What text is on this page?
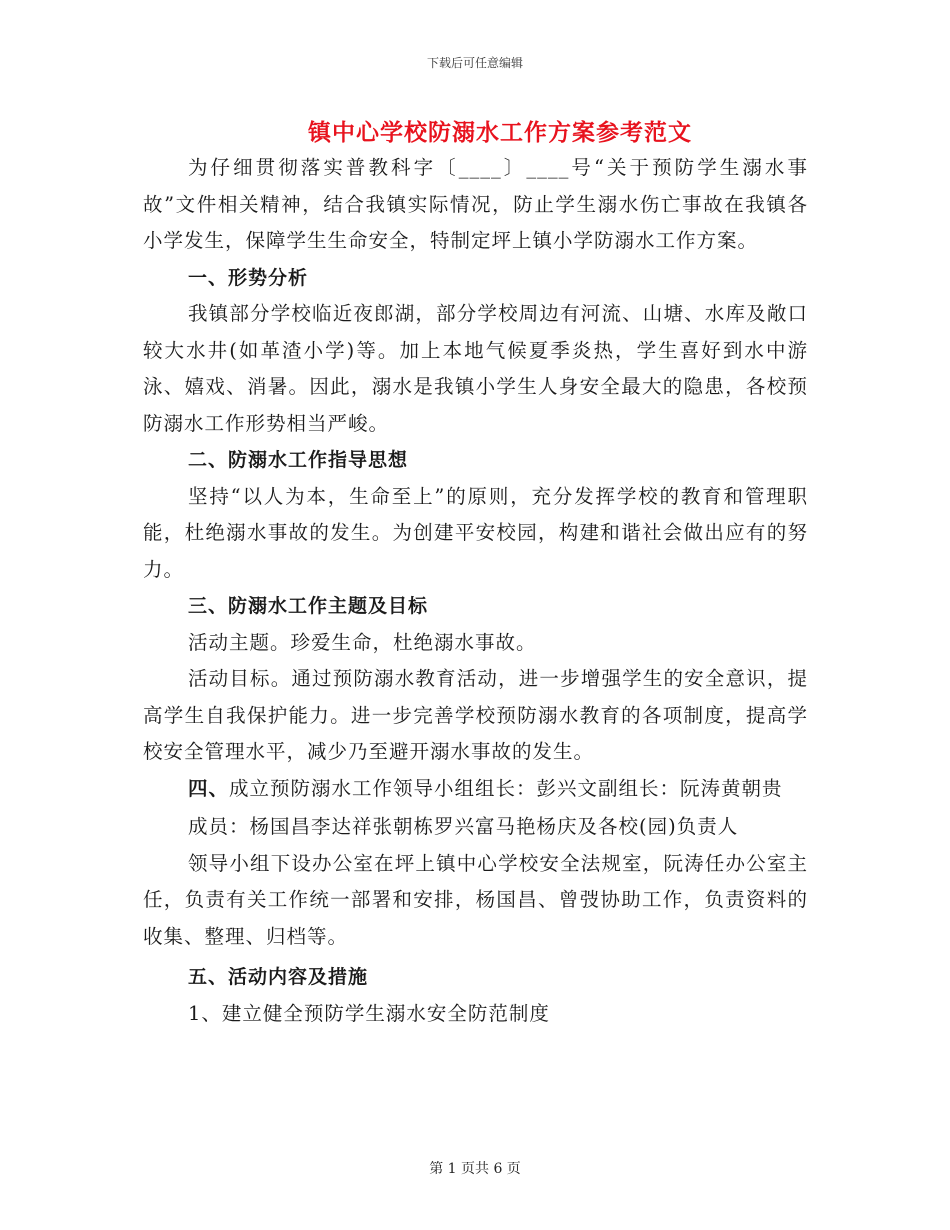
下载后可任意编辑
镇中心学校防溺水工作方案参考范文

为仔细贯彻落实普教科字〔____〕____号“关于预防学生溺水事故”文件相关精神，结合我镇实际情况，防止学生溺水伤亡事故在我镇各小学发生，保障学生生命安全，特制定坪上镇小学防溺水工作方案。

一、形势分析

我镇部分学校临近夜郎湖，部分学校周边有河流、山塘、水库及敞口较大水井(如革渣小学)等。加上本地气候夏季炎热，学生喜好到水中游泳、嬉戏、消暑。因此，溺水是我镇小学生人身安全最大的隐患，各校预防溺水工作形势相当严峻。

二、防溺水工作指导思想

坚持“以人为本，生命至上”的原则，充分发挥学校的教育和管理职能，杜绝溺水事故的发生。为创建平安校园，构建和谐社会做出应有的努力。

三、防溺水工作主题及目标

活动主题。珍爱生命，杜绝溺水事故。

活动目标。通过预防溺水教育活动，进一步增强学生的安全意识，提高学生自我保护能力。进一步完善学校预防溺水教育的各项制度，提高学校安全管理水平，减少乃至避开溺水事故的发生。

四、成立预防溺水工作领导小组组长：彭兴文副组长：阮涛黄朝贵

成员：杨国昌李达祥张朝栋罗兴富马艳杨庆及各校(园)负责人

领导小组下设办公室在坪上镇中心学校安全法规室，阮涛任办公室主任，负责有关工作统一部署和安排，杨国昌、曾弢协助工作，负责资料的收集、整理、归档等。

五、活动内容及措施

1、建立健全预防学生溺水安全防范制度

第 1 页共 6 页
